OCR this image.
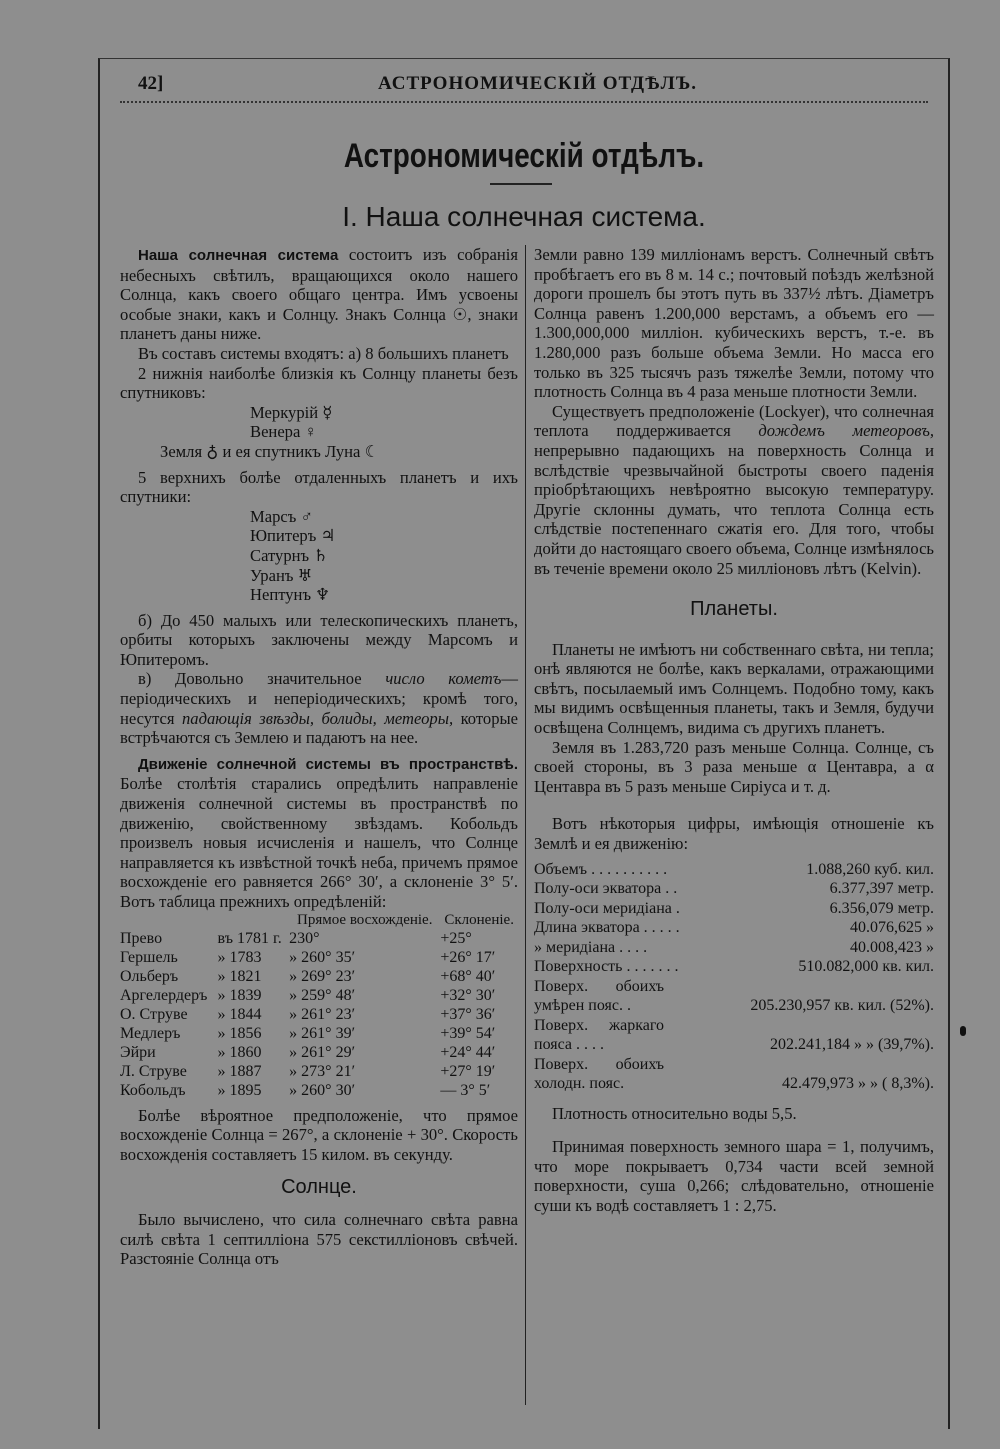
42]	АСТРОНОМИЧЕСКІЙ ОТДѢЛЪ.
Астрономическій отдѣлъ.
I. Наша солнечная система.

Наша солнечная система состоитъ изъ собранія небесныхъ свѣтилъ, вращающихся около нашего Солнца, какъ своего общаго центра. Имъ усвоены особые знаки, какъ и Солнцу. Знакъ Солнца ☉, знаки планетъ даны ниже.

Въ составъ системы входятъ: а) 8 большихъ планетъ

2 нижнія наиболѣе близкія къ Солнцу планеты безъ спутниковъ:

Меркурій ☿
Венера ♀
Земля ♁ и ея спутникъ Луна ☾

5 верхнихъ болѣе отдаленныхъ планетъ и ихъ спутники:

Марсъ ♂
Юпитеръ ♃
Сатурнъ ♄
Уранъ ♅
Нептунъ ♆

б) До 450 малыхъ или телескопическихъ планетъ, орбиты которыхъ заключены между Марсомъ и Юпитеромъ.

в) Довольно значительное число кометъ— періодическихъ и непеpіодическихъ; кромѣ того, несутся падающія звѣзды, болиды, метеоры, которые встрѣчаются съ Землею и падаютъ на нее.

Движеніе солнечной системы въ пространствѣ. Болѣе столѣтія старались опредѣлить направленіе движенія солнечной системы въ пространствѣ по движенію, свойственному звѣздамъ. Кобольдъ произвелъ новыя исчисленія и нашелъ, что Солнце направляется къ извѣстной точкѣ неба, причемъ прямое восхожденіе его равняется 266° 30′, а склоненіе 3° 5′. Вотъ таблица прежнихъ опредѣленій:

		Прямое восхожденіе.	Склоненіе.
Прево	въ 1781 г.	230°	+25°
Гершель	» 1783	» 260° 35′	+26° 17′
Ольберъ	» 1821	» 269° 23′	+68° 40′
Аргелердеръ	» 1839	» 259° 48′	+32° 30′
О. Струве	» 1844	» 261° 23′	+37° 36′
Медлеръ	» 1856	» 261° 39′	+39° 54′
Эйри	» 1860	» 261° 29′	+24° 44′
Л. Струве	» 1887	» 273° 21′	+27° 19′
Кобольдъ	» 1895	» 260° 30′	— 3° 5′

Болѣе вѣроятное предположеніе, что прямое восхожденіе Солнца = 267°, а склоненіе + 30°. Скорость восхожденія составляетъ 15 килом. въ секунду.

Солнце.

Было вычислено, что сила солнечнаго свѣта равна силѣ свѣта 1 септилліона 575 секстилліоновъ свѣчей. Разстояніе Солнца отъ

Земли равно 139 милліонамъ верстъ. Солнечный свѣтъ пробѣгаетъ его въ 8 м. 14 с.; почтовый поѣздъ желѣзной дороги прошелъ бы этотъ путь въ 337½ лѣтъ. Діаметръ Солнца равенъ 1.200,000 верстамъ, а объемъ его — 1.300,000,000 милліон. кубическихъ верстъ, т.-е. въ 1.280,000 разъ больше объема Земли. Но масса его только въ 325 тысячъ разъ тяжелѣе Земли, потому что плотность Солнца въ 4 раза меньше плотности Земли.

Существуетъ предположеніе (Lockyer), что солнечная теплота поддерживается дождемъ метеоровъ, непрерывно падающихъ на поверхность Солнца и вслѣдствіе чрезвычайной быстроты своего паденія пріобрѣтающихъ невѣроятно высокую температуру. Другіе склонны думать, что теплота Солнца есть слѣдствіе постепеннаго сжатія его. Для того, чтобы дойти до настоящаго своего объема, Солнце измѣнялось въ теченіе времени около 25 милліоновъ лѣтъ (Kelvin).

Планеты.

Планеты не имѣютъ ни собственнаго свѣта, ни тепла; онѣ являются не болѣе, какъ веркалами, отражающими свѣтъ, посылаемый имъ Солнцемъ. Подобно тому, какъ мы видимъ освѣщенныя планеты, такъ и Земля, будучи освѣщена Солнцемъ, видима съ другихъ планетъ.

Земля въ 1.283,720 разъ меньше Солнца. Солнце, съ своей стороны, въ 3 раза меньше α Центавра, а α Центавра въ 5 разъ меньше Сиріуса и т. д.

Вотъ нѣкоторыя цифры, имѣющія отношеніе къ Землѣ и ея движенію:

Объемъ . . . . . . . . . .	1.088,260 куб. кил.
Полу-оси экватора . .	6.377,397 метр.
Полу-оси меридіана .	6.356,079 метр.
Длина экватора . . . . .	40.076,625 »
» меридіана . . . .	40.008,423 »
Поверхность . . . . . . .	510.082,000 кв. кил.
Поверх. обоихъ умѣрен пояс. .	205.230,957 кв. кил. (52%).
Поверх. жаркаго пояса . . . .	202.241,184 » » (39,7%).
Поверх. обоихъ холодн. пояс.	42.479,973 » » ( 8,3%).

Плотность относительно воды 5,5.

Принимая поверхность земного шара = 1, получимъ, что море покрываетъ 0,734 части всей земной поверхности, суша 0,266; слѣдовательно, отношеніе суши къ водѣ составляетъ 1 : 2,75.
